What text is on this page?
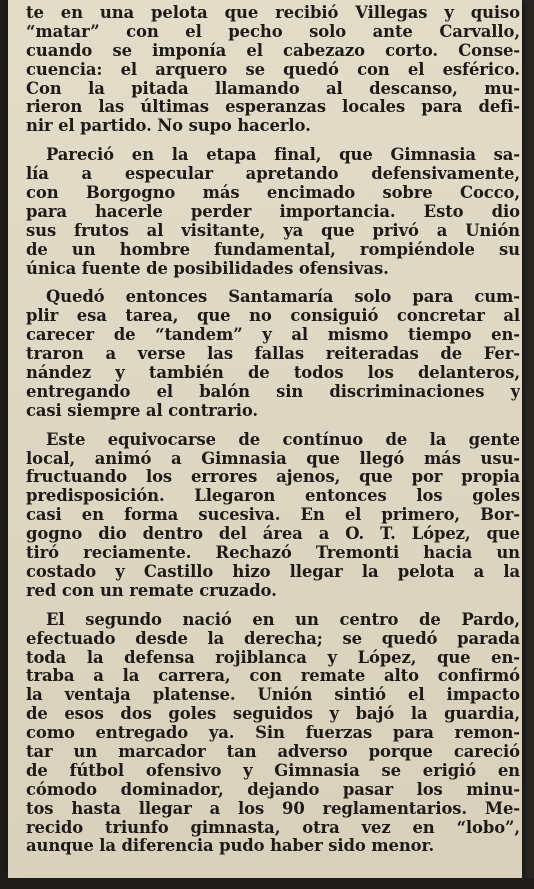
te en una pelota que recibió Villegas y quiso
“matar” con el pecho solo ante Carvallo,
cuando se imponía el cabezazo corto. Conse-
cuencia: el arquero se quedó con el esférico.
Con la pitada llamando al descanso, mu-
rieron las últimas esperanzas locales para defi-
nir el partido. No supo hacerlo.

Pareció en la etapa final, que Gimnasia sa-
lía a especular apretando defensivamente,
con Borgogno más encimado sobre Cocco,
para hacerle perder importancia. Esto dio
sus frutos al visitante, ya que privó a Unión
de un hombre fundamental, rompiéndole su
única fuente de posibilidades ofensivas.

Quedó entonces Santamaría solo para cum-
plir esa tarea, que no consiguió concretar al
carecer de “tandem” y al mismo tiempo en-
traron a verse las fallas reiteradas de Fer-
nández y también de todos los delanteros,
entregando el balón sin discriminaciones y
casi siempre al contrario.

Este equivocarse de contínuo de la gente
local, animó a Gimnasia que llegó más usu-
fructuando los errores ajenos, que por propia
predisposición. Llegaron entonces los goles
casi en forma sucesiva. En el primero, Bor-
gogno dio dentro del área a O. T. López, que
tiró reciamente. Rechazó Tremonti hacia un
costado y Castillo hizo llegar la pelota a la
red con un remate cruzado.

El segundo nació en un centro de Pardo,
efectuado desde la derecha; se quedó parada
toda la defensa rojiblanca y López, que en-
traba a la carrera, con remate alto confirmó
la ventaja platense. Unión sintió el impacto
de esos dos goles seguidos y bajó la guardia,
como entregado ya. Sin fuerzas para remon-
tar un marcador tan adverso porque careció
de fútbol ofensivo y Gimnasia se erigió en
cómodo dominador, dejando pasar los minu-
tos hasta llegar a los 90 reglamentarios. Me-
recido triunfo gimnasta, otra vez en “lobo”,
aunque la diferencia pudo haber sido menor.
